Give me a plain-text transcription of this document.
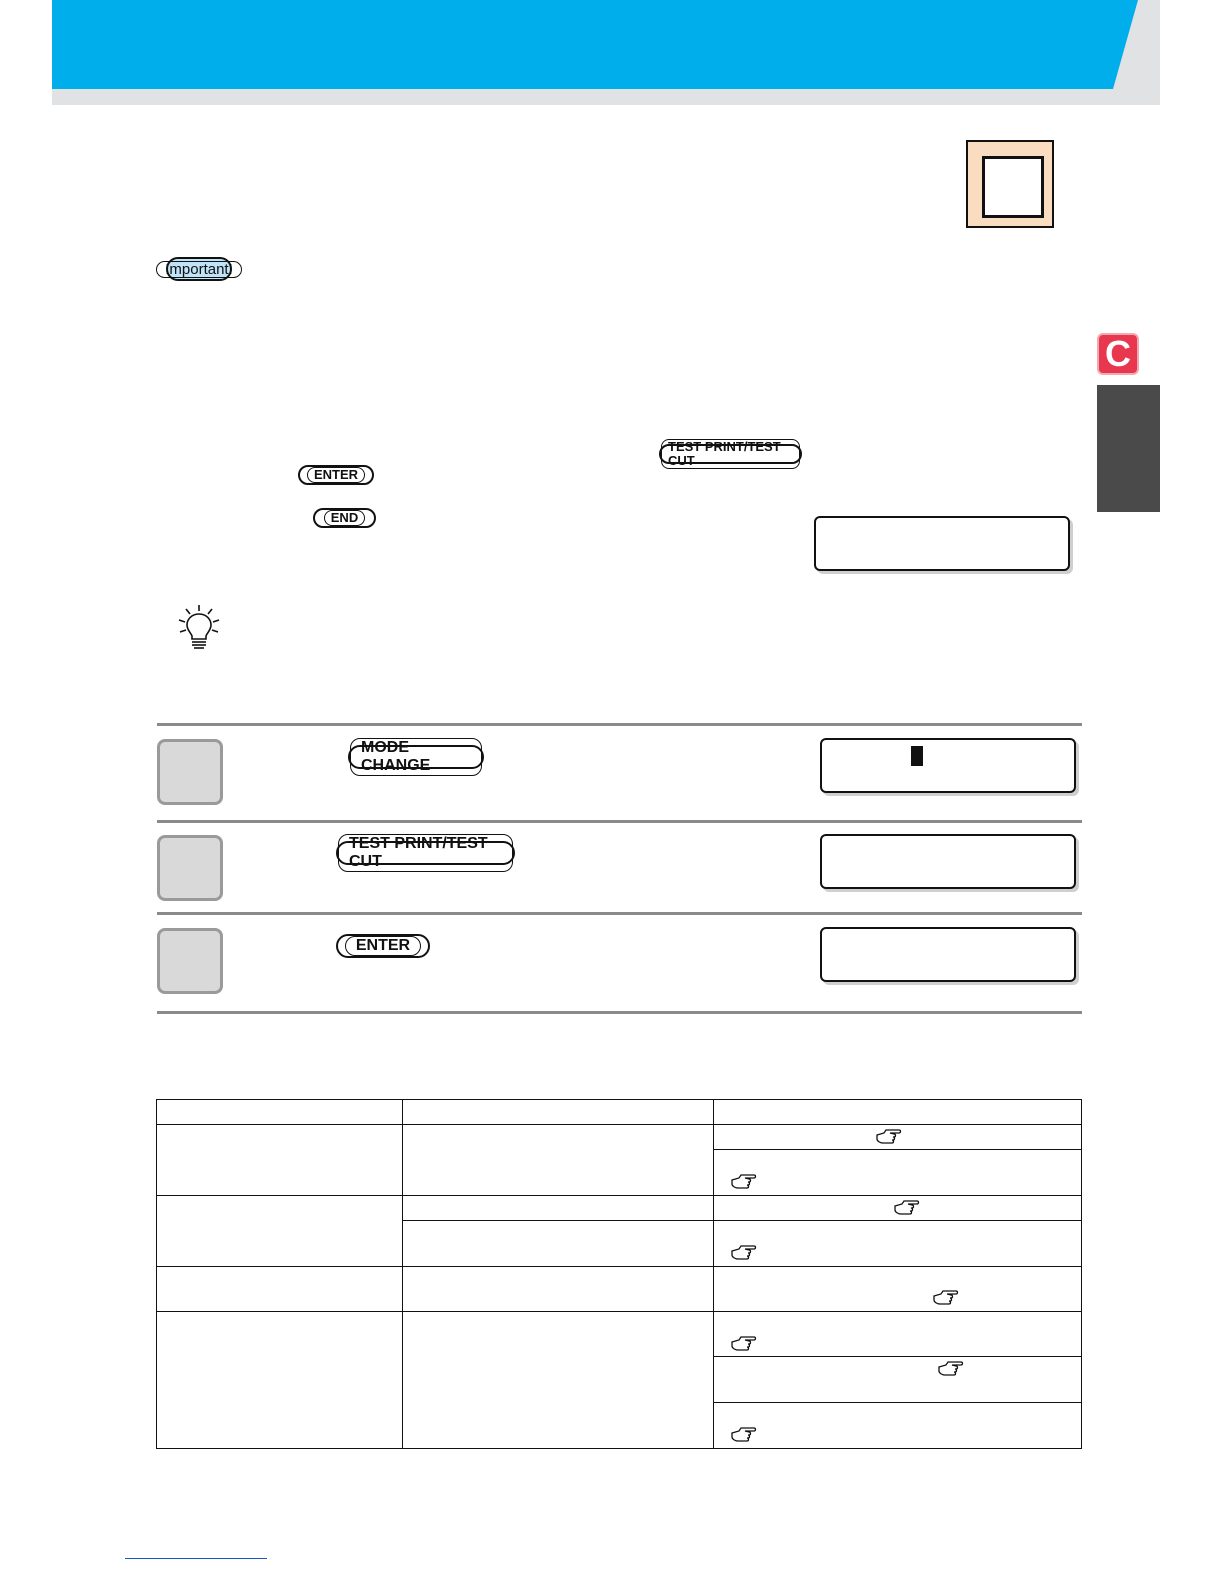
Important!
C
TEST PRINT/TEST CUT
ENTER
END
MODE CHANGE
TEST PRINT/TEST CUT
ENTER
